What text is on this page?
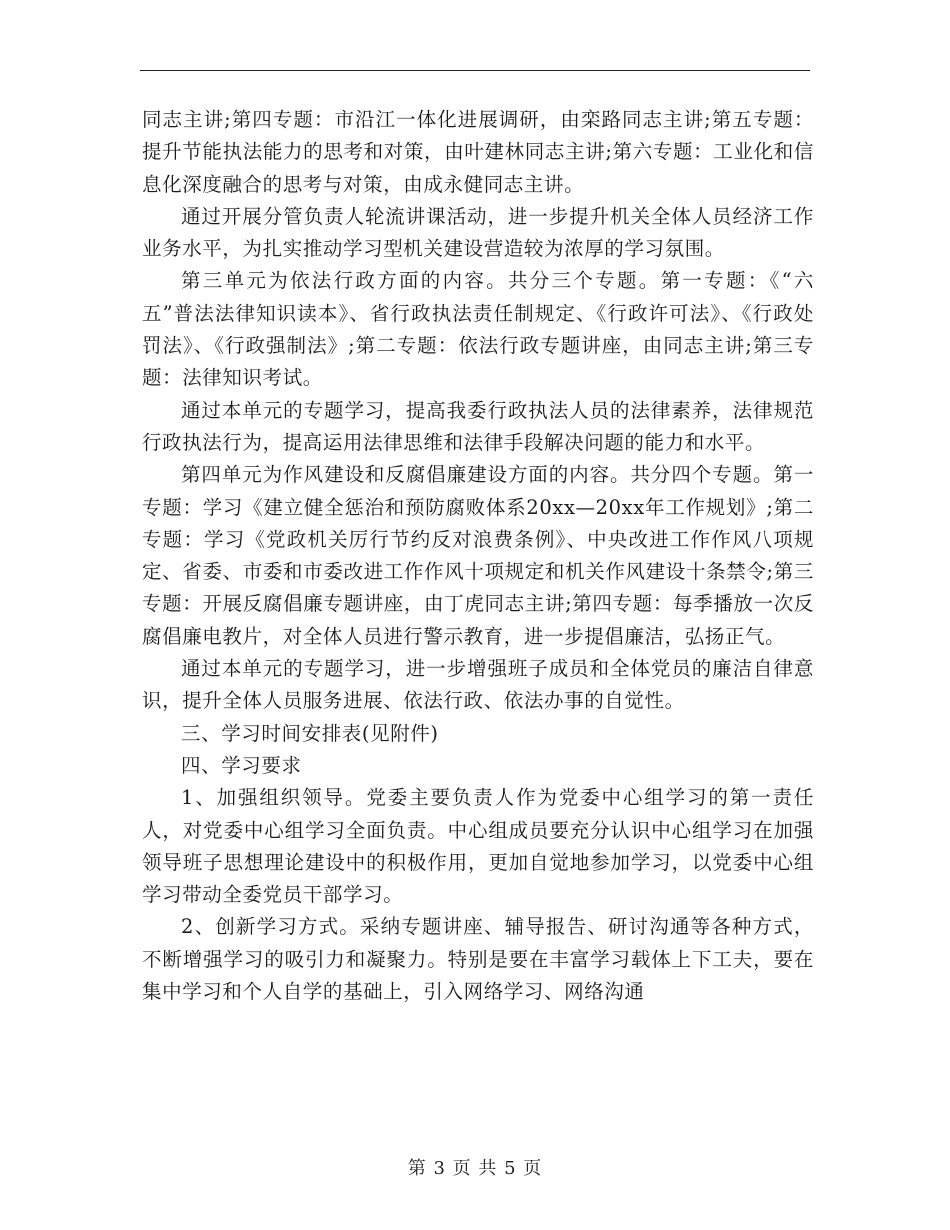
同志主讲;第四专题：市沿江一体化进展调研，由栾路同志主讲;第五专题：提升节能执法能力的思考和对策，由叶建林同志主讲;第六专题：工业化和信息化深度融合的思考与对策，由成永健同志主讲。

通过开展分管负责人轮流讲课活动，进一步提升机关全体人员经济工作业务水平，为扎实推动学习型机关建设营造较为浓厚的学习氛围。

第三单元为依法行政方面的内容。共分三个专题。第一专题：《“六五”普法法律知识读本》、省行政执法责任制规定、《行政许可法》、《行政处罚法》、《行政强制法》;第二专题：依法行政专题讲座，由同志主讲;第三专题：法律知识考试。

通过本单元的专题学习，提高我委行政执法人员的法律素养，法律规范行政执法行为，提高运用法律思维和法律手段解决问题的能力和水平。

第四单元为作风建设和反腐倡廉建设方面的内容。共分四个专题。第一专题：学习《建立健全惩治和预防腐败体系20xx—20xx年工作规划》;第二专题：学习《党政机关厉行节约反对浪费条例》、中央改进工作作风八项规定、省委、市委和市委改进工作作风十项规定和机关作风建设十条禁令;第三专题：开展反腐倡廉专题讲座，由丁虎同志主讲;第四专题：每季播放一次反腐倡廉电教片，对全体人员进行警示教育，进一步提倡廉洁，弘扬正气。

通过本单元的专题学习，进一步增强班子成员和全体党员的廉洁自律意识，提升全体人员服务进展、依法行政、依法办事的自觉性。

三、学习时间安排表(见附件)

四、学习要求

1、加强组织领导。党委主要负责人作为党委中心组学习的第一责任人，对党委中心组学习全面负责。中心组成员要充分认识中心组学习在加强领导班子思想理论建设中的积极作用，更加自觉地参加学习，以党委中心组学习带动全委党员干部学习。

2、创新学习方式。采纳专题讲座、辅导报告、研讨沟通等各种方式，不断增强学习的吸引力和凝聚力。特别是要在丰富学习载体上下工夫，要在集中学习和个人自学的基础上，引入网络学习、网络沟通

第 3 页 共 5 页
